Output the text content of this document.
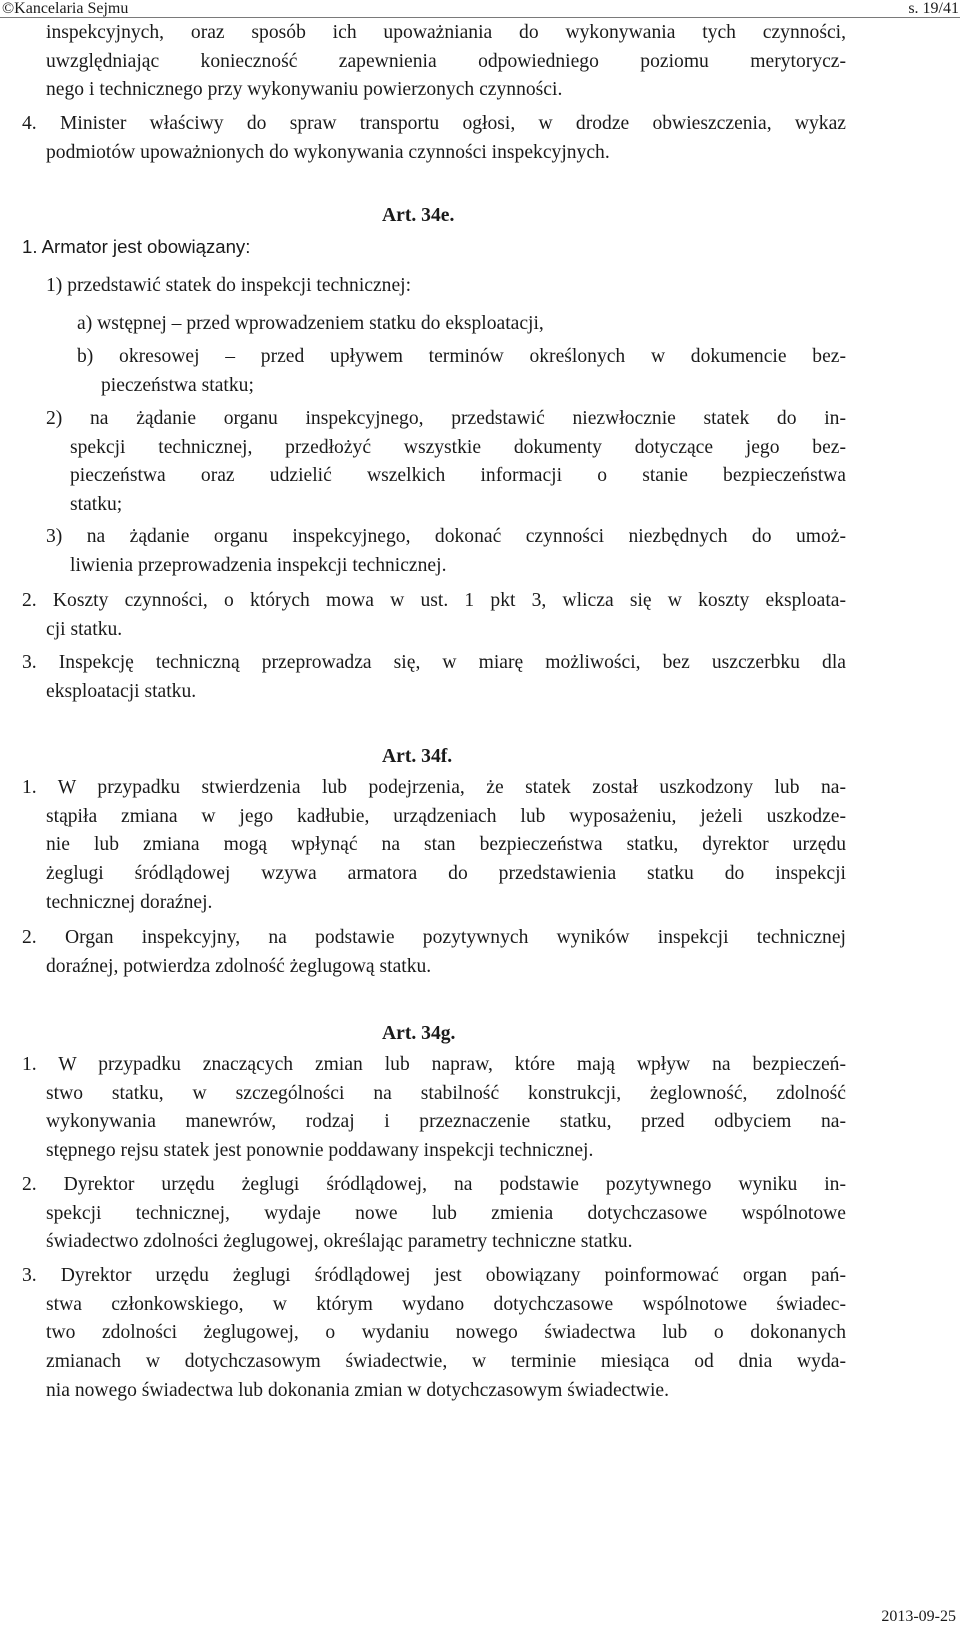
©Kancelaria Sejmu	s. 19/41
inspekcyjnych, oraz sposób ich upoważniania do wykonywania tych czynności,
uwzględniając konieczność zapewnienia odpowiedniego poziomu merytorycz-
nego i technicznego przy wykonywaniu powierzonych czynności.
4. Minister właściwy do spraw transportu ogłosi, w drodze obwieszczenia, wykaz
podmiotów upoważnionych do wykonywania czynności inspekcyjnych.
Art. 34e.
1. Armator jest obowiązany:
1) przedstawić statek do inspekcji technicznej:
a) wstępnej – przed wprowadzeniem statku do eksploatacji,
b) okresowej – przed upływem terminów określonych w dokumencie bez-
pieczeństwa statku;
2) na żądanie organu inspekcyjnego, przedstawić niezwłocznie statek do in-
spekcji technicznej, przedłożyć wszystkie dokumenty dotyczące jego bez-
pieczeństwa oraz udzielić wszelkich informacji o stanie bezpieczeństwa
statku;
3) na żądanie organu inspekcyjnego, dokonać czynności niezbędnych do umoż-
liwienia przeprowadzenia inspekcji technicznej.
2. Koszty czynności, o których mowa w ust. 1 pkt 3, wlicza się w koszty eksploata-
cji statku.
3. Inspekcję techniczną przeprowadza się, w miarę możliwości, bez uszczerbku dla
eksploatacji statku.
Art. 34f.
1. W przypadku stwierdzenia lub podejrzenia, że statek został uszkodzony lub na-
stąpiła zmiana w jego kadłubie, urządzeniach lub wyposażeniu, jeżeli uszkodze-
nie lub zmiana mogą wpłynąć na stan bezpieczeństwa statku, dyrektor urzędu
żeglugi śródlądowej wzywa armatora do przedstawienia statku do inspekcji
technicznej doraźnej.
2. Organ inspekcyjny, na podstawie pozytywnych wyników inspekcji technicznej
doraźnej, potwierdza zdolność żeglugową statku.
Art. 34g.
1. W przypadku znaczących zmian lub napraw, które mają wpływ na bezpieczeń-
stwo statku, w szczególności na stabilność konstrukcji, żeglowność, zdolność
wykonywania manewrów, rodzaj i przeznaczenie statku, przed odbyciem na-
stępnego rejsu statek jest ponownie poddawany inspekcji technicznej.
2. Dyrektor urzędu żeglugi śródlądowej, na podstawie pozytywnego wyniku in-
spekcji technicznej, wydaje nowe lub zmienia dotychczasowe wspólnotowe
świadectwo zdolności żeglugowej, określając parametry techniczne statku.
3. Dyrektor urzędu żeglugi śródlądowej jest obowiązany poinformować organ pań-
stwa członkowskiego, w którym wydano dotychczasowe wspólnotowe świadec-
two zdolności żeglugowej, o wydaniu nowego świadectwa lub o dokonanych
zmianach w dotychczasowym świadectwie, w terminie miesiąca od dnia wyda-
nia nowego świadectwa lub dokonania zmian w dotychczasowym świadectwie.
2013-09-25
